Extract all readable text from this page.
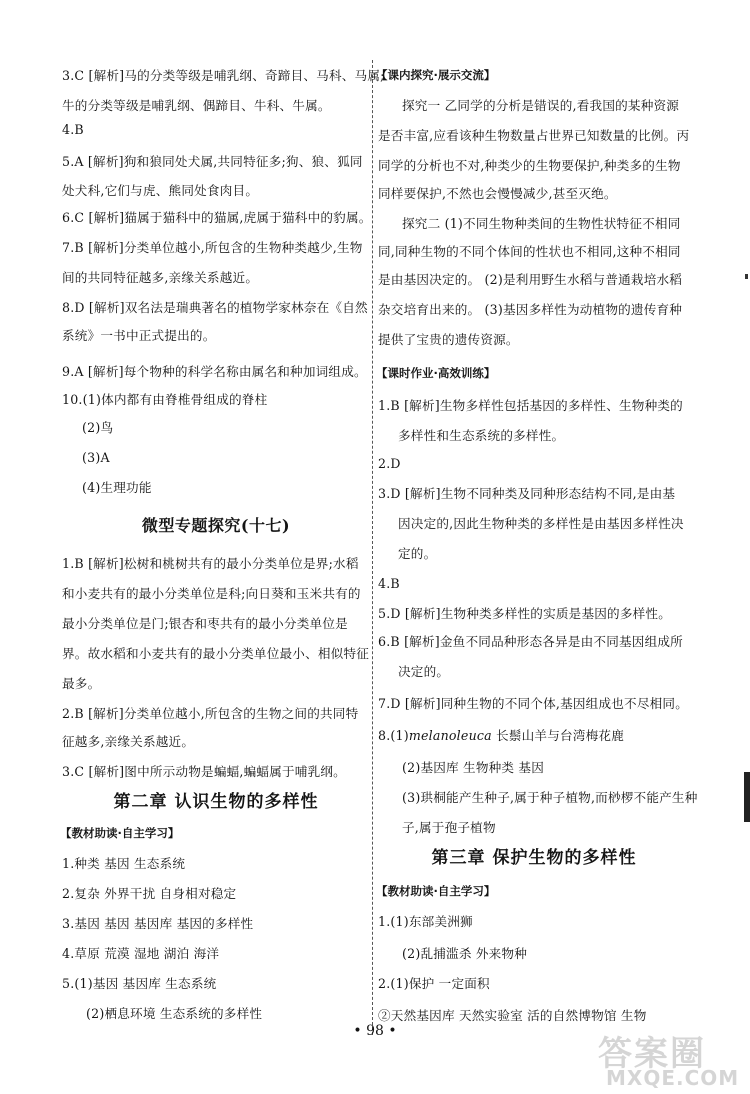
3.C [解析]马的分类等级是哺乳纲、奇蹄目、马科、马属;
牛的分类等级是哺乳纲、偶蹄目、牛科、牛属。
4.B
5.A [解析]狗和狼同处犬属,共同特征多;狗、狼、狐同
处犬科,它们与虎、熊同处食肉目。
6.C [解析]猫属于猫科中的猫属,虎属于猫科中的豹属。
7.B [解析]分类单位越小,所包含的生物种类越少,生物
间的共同特征越多,亲缘关系越近。
8.D [解析]双名法是瑞典著名的植物学家林奈在《自然
系统》一书中正式提出的。
9.A [解析]每个物种的科学名称由属名和种加词组成。
10.(1)体内都有由脊椎骨组成的脊柱
(2)鸟
(3)A
(4)生理功能
微型专题探究(十七)
1.B [解析]松树和桃树共有的最小分类单位是界;水稻
和小麦共有的最小分类单位是科;向日葵和玉米共有的
最小分类单位是门;银杏和枣共有的最小分类单位是
界。故水稻和小麦共有的最小分类单位最小、相似特征
最多。
2.B [解析]分类单位越小,所包含的生物之间的共同特
征越多,亲缘关系越近。
3.C [解析]图中所示动物是蝙蝠,蝙蝠属于哺乳纲。
第二章 认识生物的多样性
【教材助读·自主学习】
1.种类 基因 生态系统
2.复杂 外界干扰 自身相对稳定
3.基因 基因 基因库 基因的多样性
4.草原 荒漠 湿地 湖泊 海洋
5.(1)基因 基因库 生态系统
(2)栖息环境 生态系统的多样性
【课内探究·展示交流】
探究一 乙同学的分析是错误的,看我国的某种资源
是否丰富,应看该种生物数量占世界已知数量的比例。丙
同学的分析也不对,种类少的生物要保护,种类多的生物
同样要保护,不然也会慢慢减少,甚至灭绝。
探究二 (1)不同生物种类间的生物性状特征不相同
同,同种生物的不同个体间的性状也不相同,这种不相同
是由基因决定的。 (2)是利用野生水稻与普通栽培水稻
杂交培育出来的。 (3)基因多样性为动植物的遗传育种
提供了宝贵的遗传资源。
【课时作业·高效训练】
1.B [解析]生物多样性包括基因的多样性、生物种类的
多样性和生态系统的多样性。
2.D
3.D [解析]生物不同种类及同种形态结构不同,是由基
因决定的,因此生物种类的多样性是由基因多样性决
定的。
4.B
5.D [解析]生物种类多样性的实质是基因的多样性。
6.B [解析]金鱼不同品种形态各异是由不同基因组成所
决定的。
7.D [解析]同种生物的不同个体,基因组成也不尽相同。
8.(1)melanoleuca 长鬃山羊与台湾梅花鹿
(2)基因库 生物种类 基因
(3)珙桐能产生种子,属于种子植物,而桫椤不能产生种
子,属于孢子植物
第三章 保护生物的多样性
【教材助读·自主学习】
1.(1)东部美洲狮
(2)乱捕滥杀 外来物种
2.(1)保护 一定面积
②天然基因库 天然实验室 活的自然博物馆 生物
• 98 •
答案圈
MXQE.COM
